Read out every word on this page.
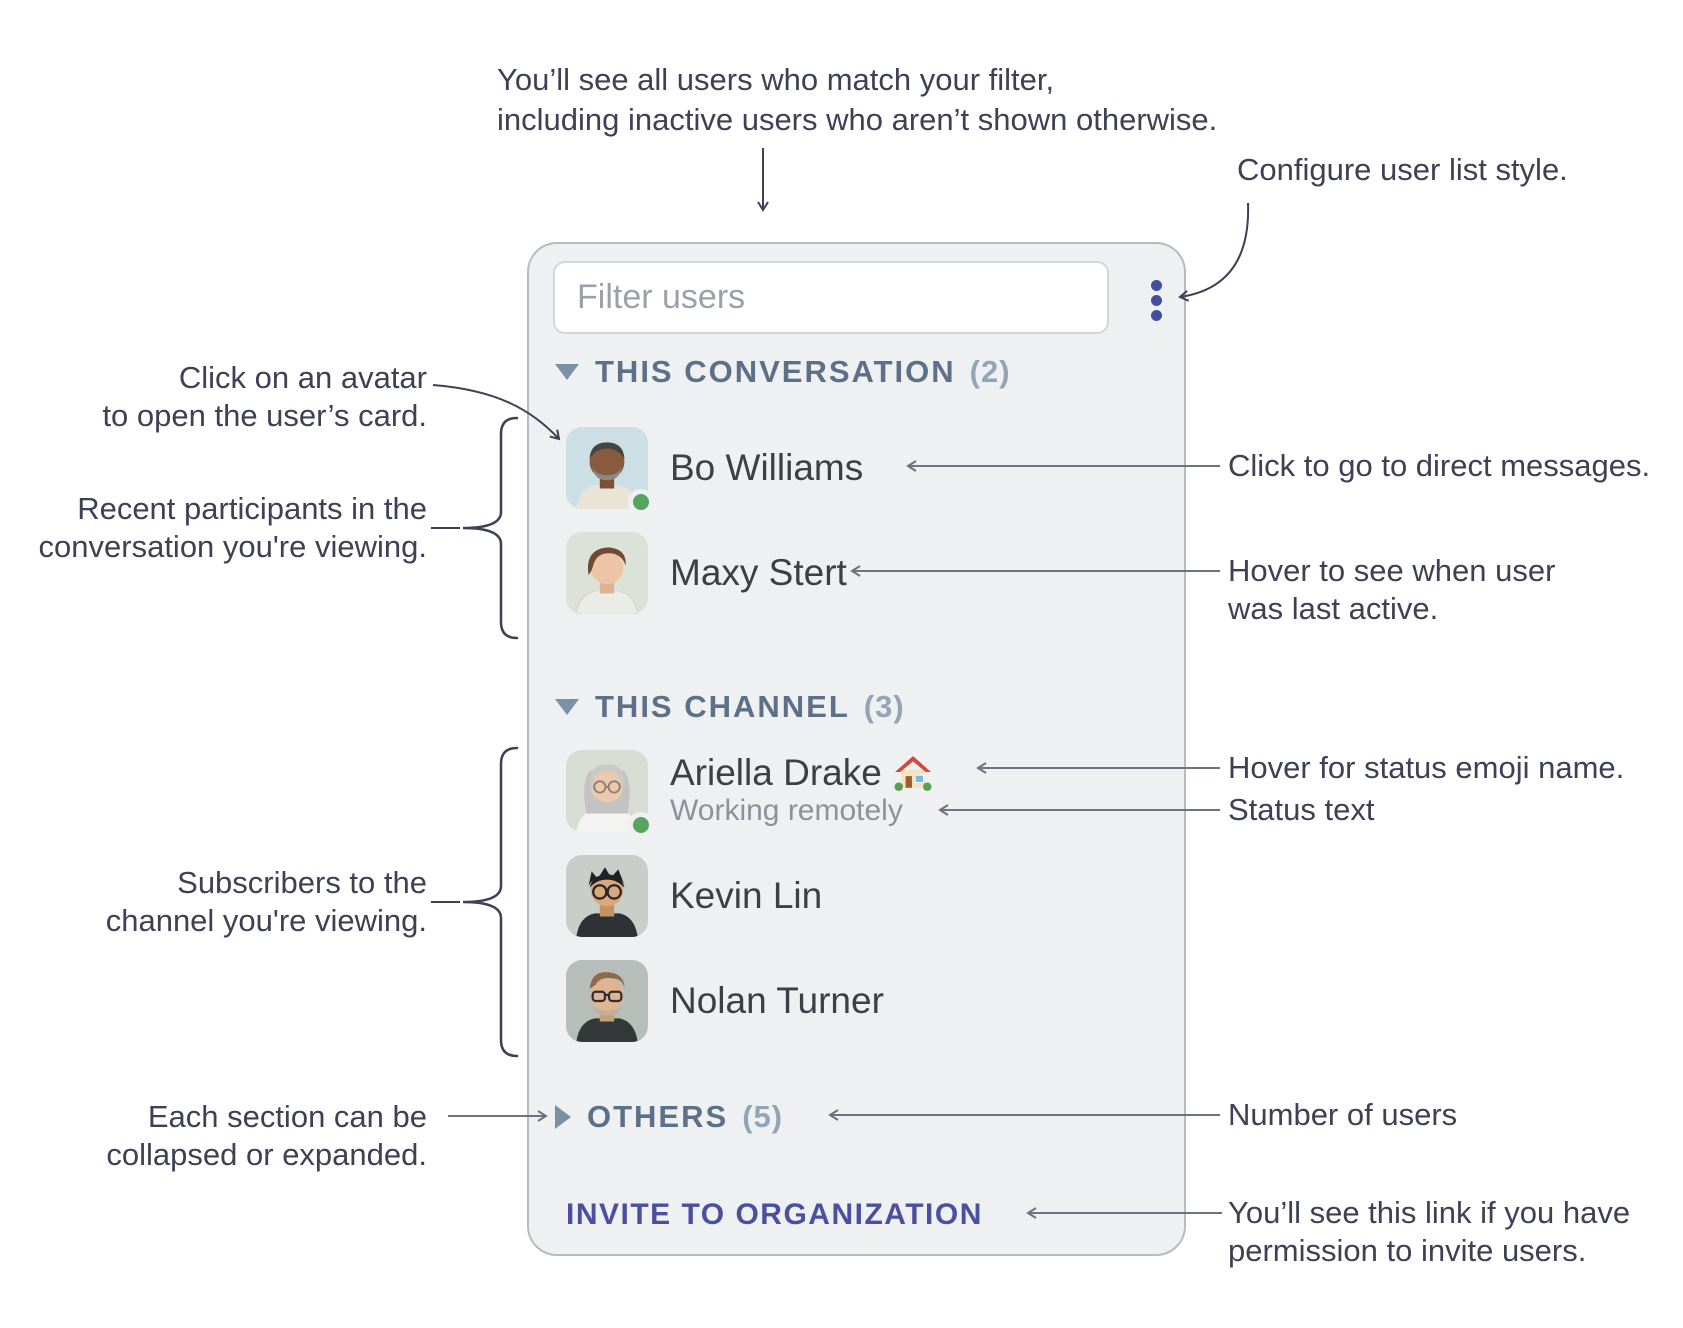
Filter users
THIS CONVERSATION (2)
Bo Williams
Maxy Stert
THIS CHANNEL (3)
Ariella Drake
Working remotely
Kevin Lin
Nolan Turner
OTHERS (5)
INVITE TO ORGANIZATION
You’ll see all users who match your filter,
including inactive users who aren’t shown otherwise.
Configure user list style.
Click on an avatar
to open the user’s card.
Recent participants in the
conversation you're viewing.
Click to go to direct messages.
Hover to see when user
was last active.
Hover for status emoji name.
Status text
Subscribers to the
channel you're viewing.
Each section can be
collapsed or expanded.
Number of users
You’ll see this link if you have
permission to invite users.
